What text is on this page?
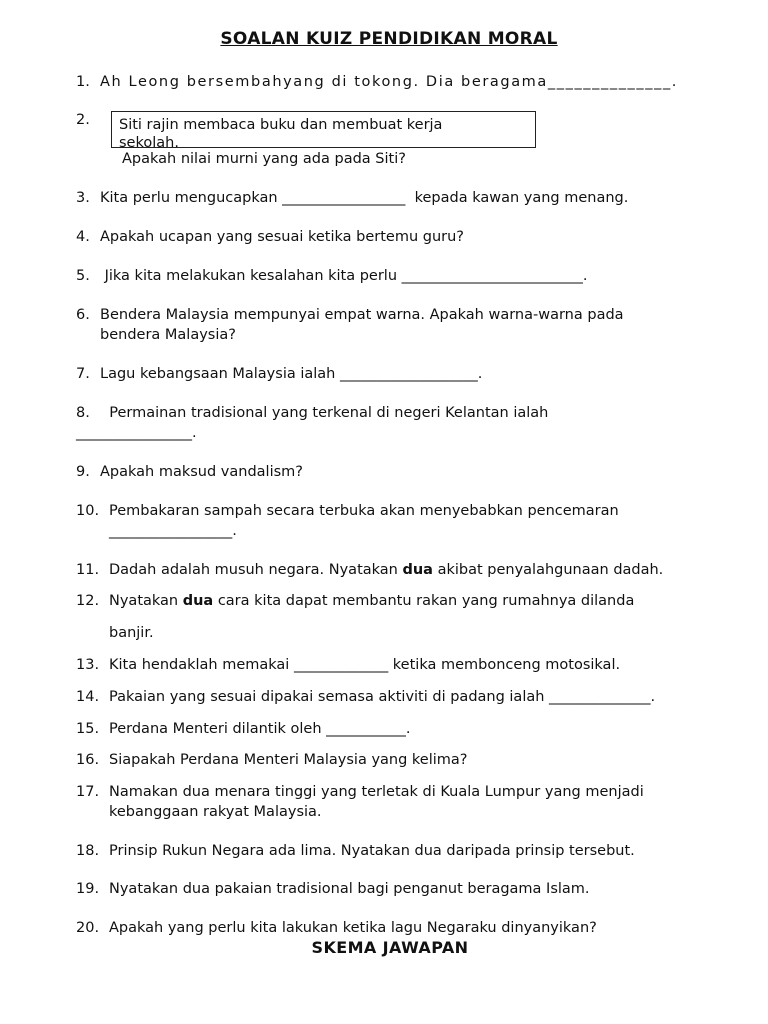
SOALAN KUIZ PENDIDIKAN MORAL
1. Ah Leong bersembahyang di tokong. Dia beragama______________.
2.	Siti rajin membaca buku dan membuat kerja
sekolah.
Apakah nilai murni yang ada pada Siti?
3. Kita perlu mengucapkan _________________  kepada kawan yang menang.
4. Apakah ucapan yang sesuai ketika bertemu guru?
5. Jika kita melakukan kesalahan kita perlu _________________________.
6. Bendera Malaysia mempunyai empat warna. Apakah warna-warna pada
bendera Malaysia?
7. Lagu kebangsaan Malaysia ialah ___________________.
8.  Permainan tradisional yang terkenal di negeri Kelantan ialah
________________.
9. Apakah maksud vandalism?
10. Pembakaran sampah secara terbuka akan menyebabkan pencemaran
_________________.
11. Dadah adalah musuh negara. Nyatakan dua akibat penyalahgunaan dadah.
12. Nyatakan dua cara kita dapat membantu rakan yang rumahnya dilanda
banjir.
13. Kita hendaklah memakai _____________ ketika membonceng motosikal.
14. Pakaian yang sesuai dipakai semasa aktiviti di padang ialah ______________.
15. Perdana Menteri dilantik oleh ___________.
16. Siapakah Perdana Menteri Malaysia yang kelima?
17. Namakan dua menara tinggi yang terletak di Kuala Lumpur yang menjadi
kebanggaan rakyat Malaysia.
18. Prinsip Rukun Negara ada lima. Nyatakan dua daripada prinsip tersebut.
19. Nyatakan dua pakaian tradisional bagi penganut beragama Islam.
20. Apakah yang perlu kita lakukan ketika lagu Negaraku dinyanyikan?
SKEMA JAWAPAN
